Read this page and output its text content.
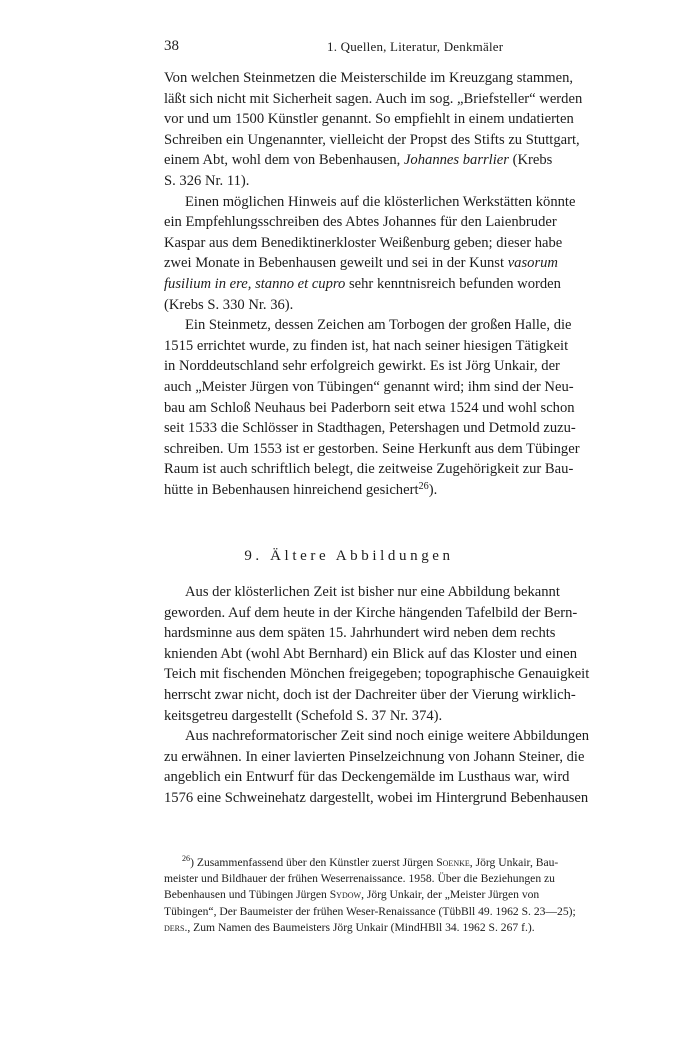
38	1. Quellen, Literatur, Denkmäler

Von welchen Steinmetzen die Meisterschilde im Kreuzgang stammen,
läßt sich nicht mit Sicherheit sagen. Auch im sog. „Briefsteller“ werden
vor und um 1500 Künstler genannt. So empfiehlt in einem undatierten
Schreiben ein Ungenannter, vielleicht der Propst des Stifts zu Stuttgart,
einem Abt, wohl dem von Bebenhausen, Johannes barrlier (Krebs
S. 326 Nr. 11).

Einen möglichen Hinweis auf die klösterlichen Werkstätten könnte
ein Empfehlungsschreiben des Abtes Johannes für den Laienbruder
Kaspar aus dem Benediktinerkloster Weißenburg geben; dieser habe
zwei Monate in Bebenhausen geweilt und sei in der Kunst vasorum
fusilium in ere, stanno et cupro sehr kenntnisreich befunden worden
(Krebs S. 330 Nr. 36).

Ein Steinmetz, dessen Zeichen am Torbogen der großen Halle, die
1515 errichtet wurde, zu finden ist, hat nach seiner hiesigen Tätigkeit
in Norddeutschland sehr erfolgreich gewirkt. Es ist Jörg Unkair, der
auch „Meister Jürgen von Tübingen“ genannt wird; ihm sind der Neu-
bau am Schloß Neuhaus bei Paderborn seit etwa 1524 und wohl schon
seit 1533 die Schlösser in Stadthagen, Petershagen und Detmold zuzu-
schreiben. Um 1553 ist er gestorben. Seine Herkunft aus dem Tübinger
Raum ist auch schriftlich belegt, die zeitweise Zugehörigkeit zur Bau-
hütte in Bebenhausen hinreichend gesichert$^{26}$).

9. Ältere Abbildungen

Aus der klösterlichen Zeit ist bisher nur eine Abbildung bekannt
geworden. Auf dem heute in der Kirche hängenden Tafelbild der Bern-
hardsminne aus dem späten 15. Jahrhundert wird neben dem rechts
knienden Abt (wohl Abt Bernhard) ein Blick auf das Kloster und einen
Teich mit fischenden Mönchen freigegeben; topographische Genauigkeit
herrscht zwar nicht, doch ist der Dachreiter über der Vierung wirklich-
keitsgetreu dargestellt (Schefold S. 37 Nr. 374).

Aus nachreformatorischer Zeit sind noch einige weitere Abbildungen
zu erwähnen. In einer lavierten Pinselzeichnung von Johann Steiner, die
angeblich ein Entwurf für das Deckengemälde im Lusthaus war, wird
1576 eine Schweinehatz dargestellt, wobei im Hintergrund Bebenhausen

$^{26}$) Zusammenfassend über den Künstler zuerst Jürgen Soenke, Jörg Unkair, Bau-
meister und Bildhauer der frühen Weserrenaissance. 1958. Über die Beziehungen zu
Bebenhausen und Tübingen Jürgen Sydow, Jörg Unkair, der „Meister Jürgen von
Tübingen“, Der Baumeister der frühen Weser-Renaissance (TübBll 49. 1962 S. 23—25);
ders., Zum Namen des Baumeisters Jörg Unkair (MindHBll 34. 1962 S. 267 f.).
